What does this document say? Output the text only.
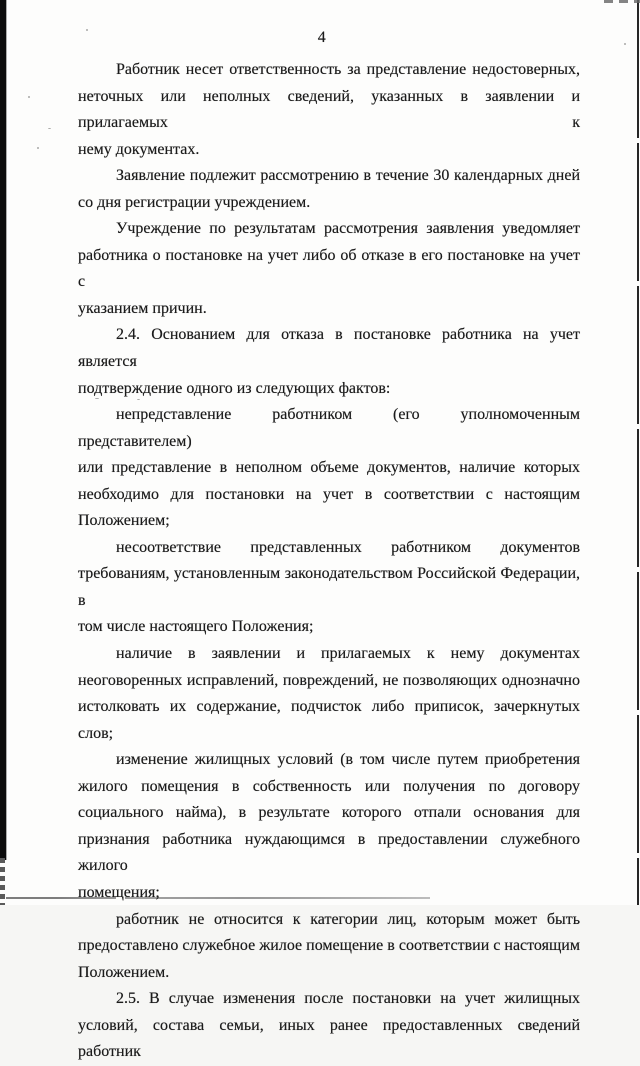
4
Работник несет ответственность за представление недостоверных,
неточных или неполных сведений, указанных в заявлении и прилагаемых к
нему документах.
Заявление подлежит рассмотрению в течение 30 календарных дней
со дня регистрации учреждением.
Учреждение по результатам рассмотрения заявления уведомляет
работника о постановке на учет либо об отказе в его постановке на учет с
указанием причин.
2.4. Основанием для отказа в постановке работника на учет является
подтверждение одного из следующих фактов:
непредставление работником (его уполномоченным представителем)
или представление в неполном объеме документов, наличие которых
необходимо для постановки на учет в соответствии с настоящим
Положением;
несоответствие представленных работником документов
требованиям, установленным законодательством Российской Федерации, в
том числе настоящего Положения;
наличие в заявлении и прилагаемых к нему документах
неоговоренных исправлений, повреждений, не позволяющих однозначно
истолковать их содержание, подчисток либо приписок, зачеркнутых слов;
изменение жилищных условий (в том числе путем приобретения
жилого помещения в собственность или получения по договору
социального найма), в результате которого отпали основания для
признания работника нуждающимся в предоставлении служебного жилого
помещения;
работник не относится к категории лиц, которым может быть
предоставлено служебное жилое помещение в соответствии с настоящим
Положением.
2.5. В случае изменения после постановки на учет жилищных
условий, состава семьи, иных ранее предоставленных сведений работник
